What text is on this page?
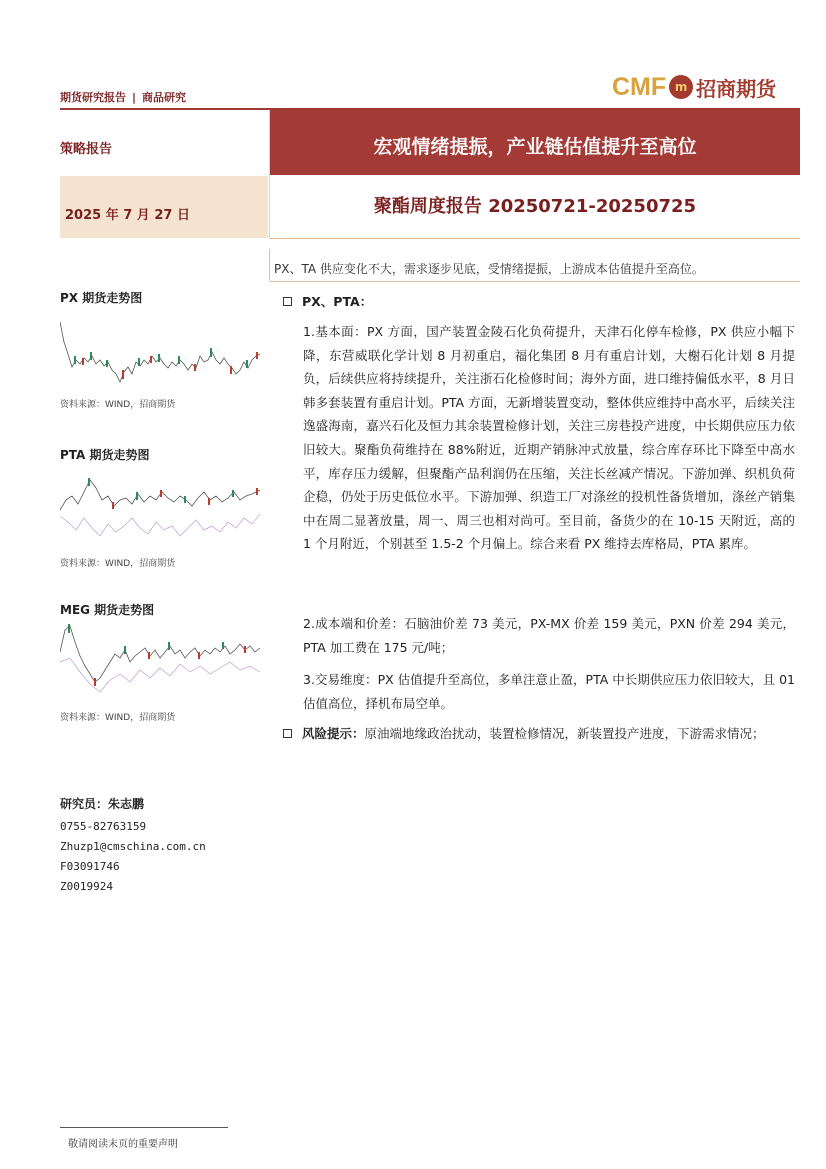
期货研究报告 | 商品研究	CMF m 招商期货
策略报告
2025 年 7 月 27 日
宏观情绪提振，产业链估值提升至高位
聚酯周度报告 20250721-20250725
PX、TA 供应变化不大，需求逐步见底，受情绪提振，上游成本估值提升至高位。
PX 期货走势图
资料来源：WIND，招商期货
PTA 期货走势图
资料来源：WIND，招商期货
MEG 期货走势图
资料来源：WIND，招商期货
研究员：朱志鹏
0755-82763159
Zhuzp1@cmschina.com.cn
F03091746
Z0019924
PX、PTA：
1.基本面：PX 方面，国产装置金陵石化负荷提升，天津石化停车检修，PX 供应小幅下降，东营威联化学计划 8 月初重启，福化集团 8 月有重启计划，大榭石化计划 8 月提负，后续供应将持续提升，关注浙石化检修时间；海外方面，进口维持偏低水平，8 月日韩多套装置有重启计划。PTA 方面，无新增装置变动，整体供应维持中高水平，后续关注逸盛海南，嘉兴石化及恒力其余装置检修计划，关注三房巷投产进度，中长期供应压力依旧较大。聚酯负荷维持在 88%附近，近期产销脉冲式放量，综合库存环比下降至中高水平，库存压力缓解，但聚酯产品利润仍在压缩，关注长丝减产情况。下游加弹、织机负荷企稳，仍处于历史低位水平。下游加弹、织造工厂对涤丝的投机性备货增加，涤丝产销集中在周二显著放量，周一、周三也相对尚可。至目前，备货少的在 10-15 天附近，高的 1 个月附近，个别甚至 1.5-2 个月偏上。综合来看 PX 维持去库格局，PTA 累库。
2.成本端和价差：石脑油价差 73 美元，PX-MX 价差 159 美元，PXN 价差 294 美元，PTA 加工费在 175 元/吨；
3.交易维度：PX 估值提升至高位，多单注意止盈，PTA 中长期供应压力依旧较大，且 01 估值高位，择机布局空单。
风险提示：原油端地缘政治扰动，装置检修情况，新装置投产进度，下游需求情况；
敬请阅读末页的重要声明
